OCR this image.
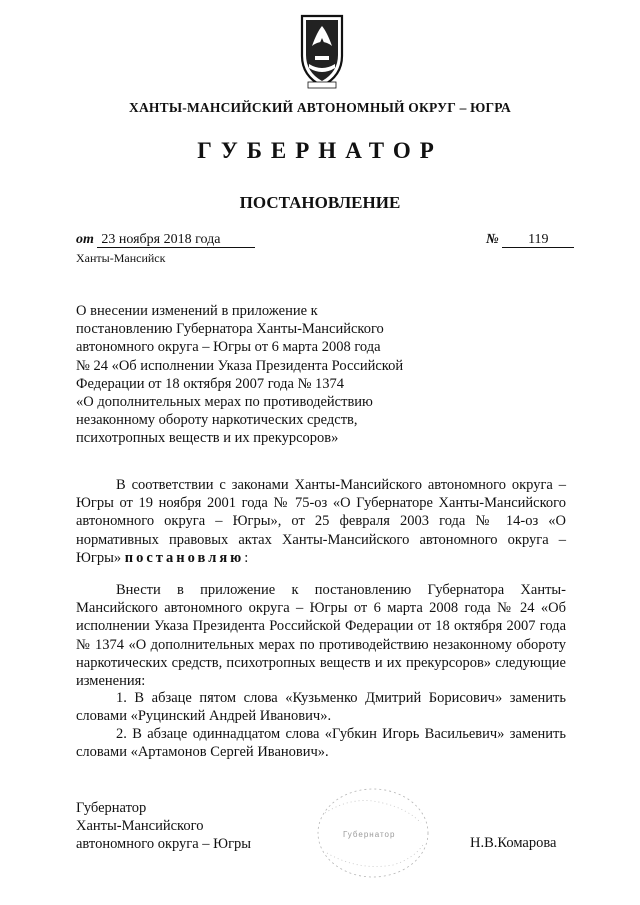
ХАНТЫ-МАНСИЙСКИЙ АВТОНОМНЫЙ ОКРУГ – ЮГРА
ГУБЕРНАТОР
ПОСТАНОВЛЕНИЕ
от 23 ноября 2018 года	№ 119
Ханты-Мансийск
О внесении изменений в приложение к
постановлению Губернатора Ханты-Мансийского
автономного округа – Югры от 6 марта 2008 года
№ 24 «Об исполнении Указа Президента Российской
Федерации от 18 октября 2007 года № 1374
«О дополнительных мерах по противодействию
незаконному обороту наркотических средств,
психотропных веществ и их прекурсоров»
В соответствии с законами Ханты-Мансийского автономного округа – Югры от 19 ноября 2001 года № 75-оз «О Губернаторе Ханты-Мансийского автономного округа – Югры», от 25 февраля 2003 года № 14-оз «О нормативных правовых актах Ханты-Мансийского автономного округа – Югры» постановляю:
Внести в приложение к постановлению Губернатора Ханты-Мансийского автономного округа – Югры от 6 марта 2008 года № 24 «Об исполнении Указа Президента Российской Федерации от 18 октября 2007 года № 1374 «О дополнительных мерах по противодействию незаконному обороту наркотических средств, психотропных веществ и их прекурсоров» следующие изменения:
1. В абзаце пятом слова «Кузьменко Дмитрий Борисович» заменить словами «Руцинский Андрей Иванович».
2. В абзаце одиннадцатом слова «Губкин Игорь Васильевич» заменить словами «Артамонов Сергей Иванович».
Губернатор
Ханты-Мансийского
автономного округа – Югры
Губернатор
Н.В.Комарова
